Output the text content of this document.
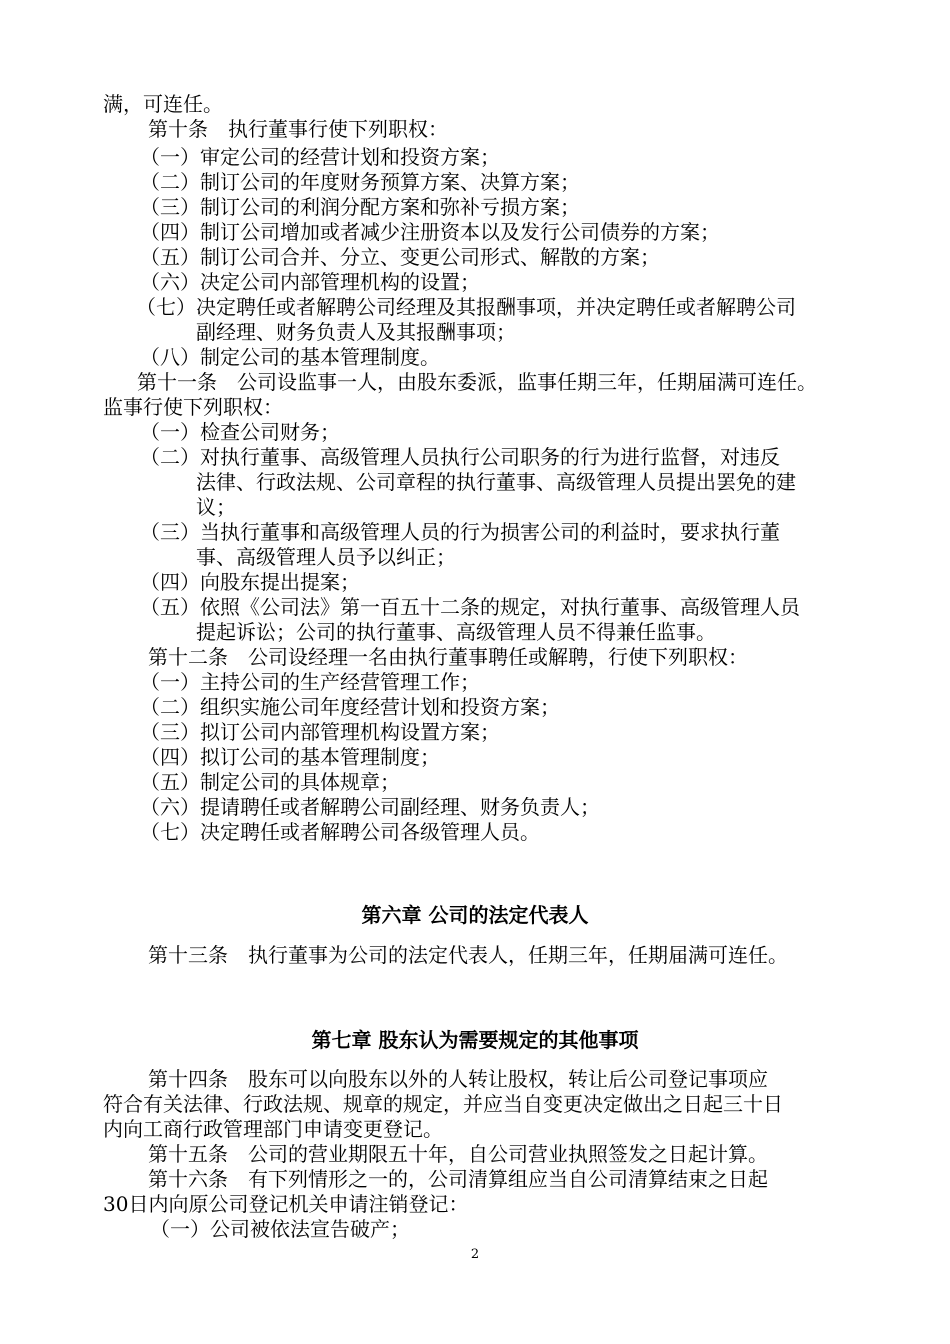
满，可连任。
第十条　执行董事行使下列职权：
（一）审定公司的经营计划和投资方案；
（二）制订公司的年度财务预算方案、决算方案；
（三）制订公司的利润分配方案和弥补亏损方案；
（四）制订公司增加或者减少注册资本以及发行公司债券的方案；
（五）制订公司合并、分立、变更公司形式、解散的方案；
（六）决定公司内部管理机构的设置；
（七）决定聘任或者解聘公司经理及其报酬事项，并决定聘任或者解聘公司
副经理、财务负责人及其报酬事项；
（八）制定公司的基本管理制度。
第十一条　公司设监事一人，由股东委派，监事任期三年，任期届满可连任。
监事行使下列职权：
（一）检查公司财务；
（二）对执行董事、高级管理人员执行公司职务的行为进行监督，对违反
法律、行政法规、公司章程的执行董事、高级管理人员提出罢免的建
议；
（三）当执行董事和高级管理人员的行为损害公司的利益时，要求执行董
事、高级管理人员予以纠正；
（四）向股东提出提案；
（五）依照《公司法》第一百五十二条的规定，对执行董事、高级管理人员
提起诉讼；公司的执行董事、高级管理人员不得兼任监事。
第十二条　公司设经理一名由执行董事聘任或解聘，行使下列职权：
（一）主持公司的生产经营管理工作；
（二）组织实施公司年度经营计划和投资方案；
（三）拟订公司内部管理机构设置方案；
（四）拟订公司的基本管理制度；
（五）制定公司的具体规章；
（六）提请聘任或者解聘公司副经理、财务负责人；
（七）决定聘任或者解聘公司各级管理人员。
第六章 公司的法定代表人
第十三条　执行董事为公司的法定代表人，任期三年，任期届满可连任。
第七章 股东认为需要规定的其他事项
第十四条　股东可以向股东以外的人转让股权，转让后公司登记事项应
符合有关法律、行政法规、规章的规定，并应当自变更决定做出之日起三十日
内向工商行政管理部门申请变更登记。
第十五条　公司的营业期限五十年，自公司营业执照签发之日起计算。
第十六条　有下列情形之一的，公司清算组应当自公司清算结束之日起
30日内向原公司登记机关申请注销登记：
（一）公司被依法宣告破产；
2
